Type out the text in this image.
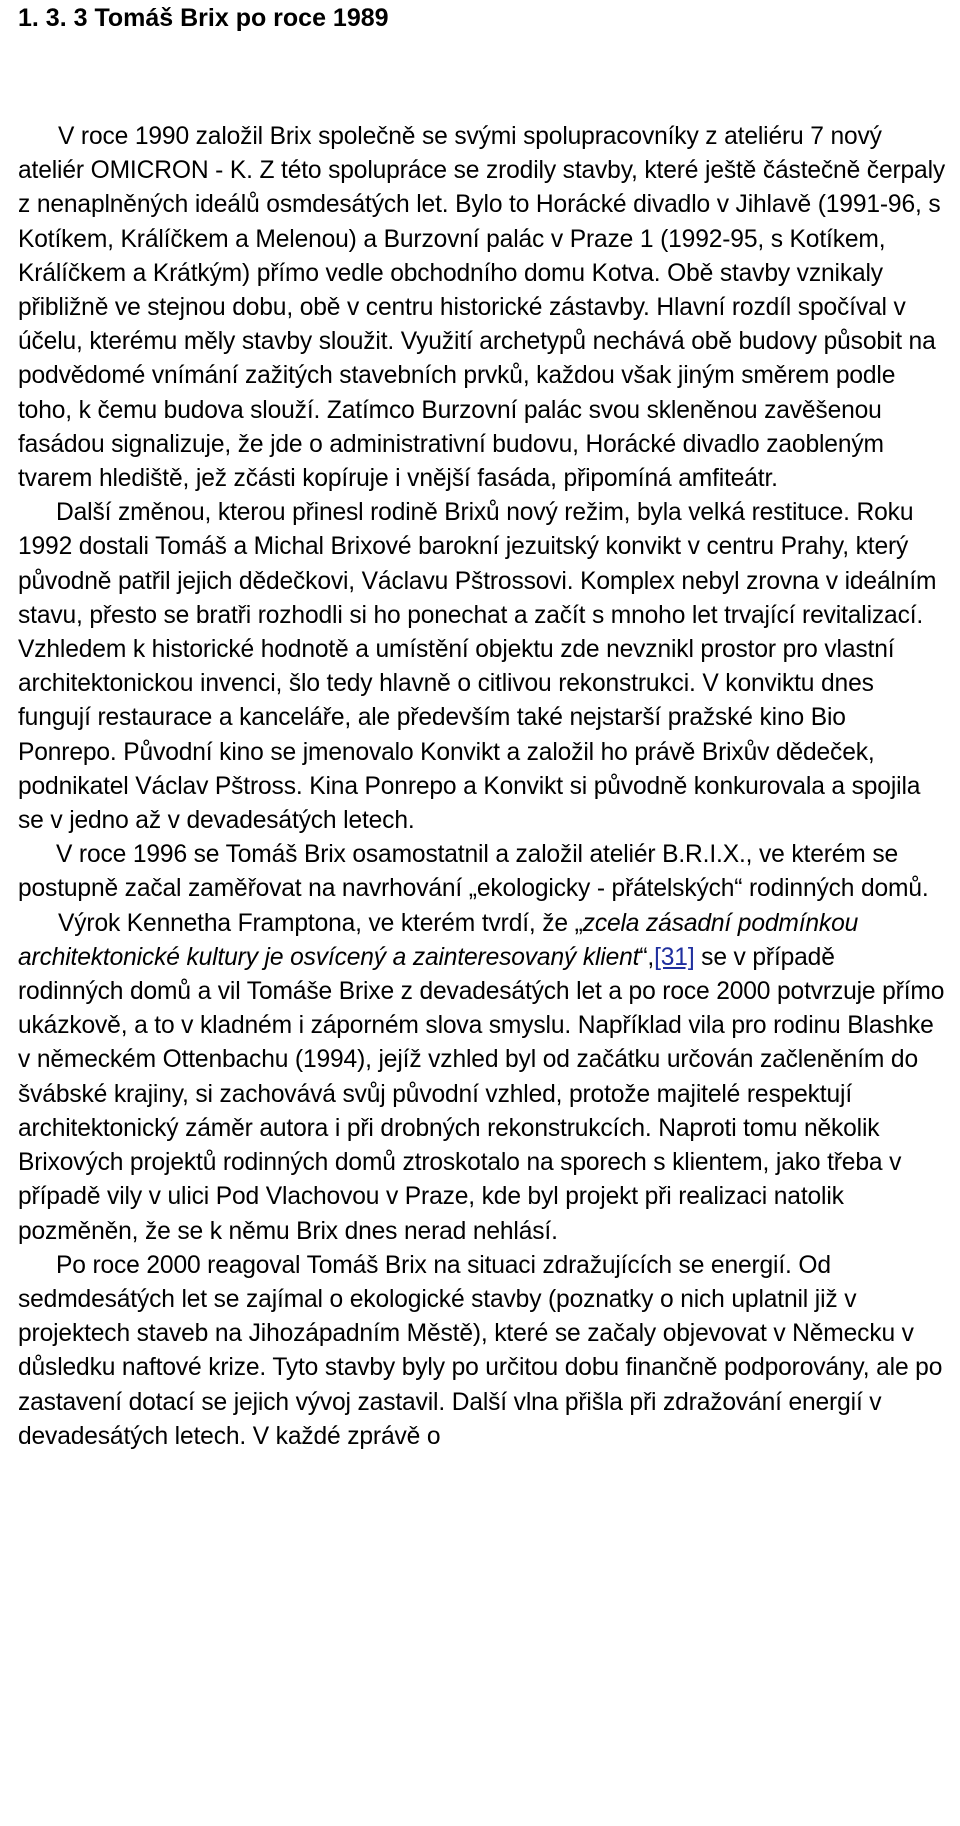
1. 3. 3 Tomáš Brix po roce 1989

V roce 1990 založil Brix společně se svými spolupracovníky z ateliéru 7 nový ateliér OMICRON - K. Z této spolupráce se zrodily stavby, které ještě částečně čerpaly z nenaplněných ideálů osmdesátých let. Bylo to Horácké divadlo v Jihlavě (1991-96, s Kotíkem, Králíčkem a Melenou) a Burzovní palác v Praze 1 (1992-95, s Kotíkem, Králíčkem a Krátkým) přímo vedle obchodního domu Kotva. Obě stavby vznikaly přibližně ve stejnou dobu, obě v centru historické zástavby. Hlavní rozdíl spočíval v účelu, kterému měly stavby sloužit. Využití archetypů nechává obě budovy působit na podvědomé vnímání zažitých stavebních prvků, každou však jiným směrem podle toho, k čemu budova slouží. Zatímco Burzovní palác svou skleněnou zavěšenou fasádou signalizuje, že jde o administrativní budovu, Horácké divadlo zaobleným tvarem hlediště, jež zčásti kopíruje i vnější fasáda, připomíná amfiteátr.

Další změnou, kterou přinesl rodině Brixů nový režim, byla velká restituce. Roku 1992 dostali Tomáš a Michal Brixové barokní jezuitský konvikt v centru Prahy, který původně patřil jejich dědečkovi, Václavu Pštrossovi. Komplex nebyl zrovna v ideálním stavu, přesto se bratři rozhodli si ho ponechat a začít s mnoho let trvající revitalizací. Vzhledem k historické hodnotě a umístění objektu zde nevznikl prostor pro vlastní architektonickou invenci, šlo tedy hlavně o citlivou rekonstrukci. V konviktu dnes fungují restaurace a kanceláře, ale především také nejstarší pražské kino Bio Ponrepo. Původní kino se jmenovalo Konvikt a založil ho právě Brixův dědeček, podnikatel Václav Pštross. Kina Ponrepo a Konvikt si původně konkurovala a spojila se v jedno až v devadesátých letech.

V roce 1996 se Tomáš Brix osamostatnil a založil ateliér B.R.I.X., ve kterém se postupně začal zaměřovat na navrhování „ekologicky - přátelských“ rodinných domů.

Výrok Kennetha Framptona, ve kterém tvrdí, že „zcela zásadní podmínkou architektonické kultury je osvícený a zainteresovaný klient“,[31] se v případě rodinných domů a vil Tomáše Brixe z devadesátých let a po roce 2000 potvrzuje přímo ukázkově, a to v kladném i záporném slova smyslu. Například vila pro rodinu Blashke v německém Ottenbachu (1994), jejíž vzhled byl od začátku určován začleněním do švábské krajiny, si zachovává svůj původní vzhled, protože majitelé respektují architektonický záměr autora i při drobných rekonstrukcích. Naproti tomu několik Brixových projektů rodinných domů ztroskotalo na sporech s klientem, jako třeba v případě vily v ulici Pod Vlachovou v Praze, kde byl projekt při realizaci natolik pozměněn, že se k němu Brix dnes nerad nehlásí.

Po roce 2000 reagoval Tomáš Brix na situaci zdražujících se energií. Od sedmdesátých let se zajímal o ekologické stavby (poznatky o nich uplatnil již v projektech staveb na Jihozápadním Městě), které se začaly objevovat v Německu v důsledku naftové krize. Tyto stavby byly po určitou dobu finančně podporovány, ale po zastavení dotací se jejich vývoj zastavil. Další vlna přišla při zdražování energií v devadesátých letech. V každé zprávě o
